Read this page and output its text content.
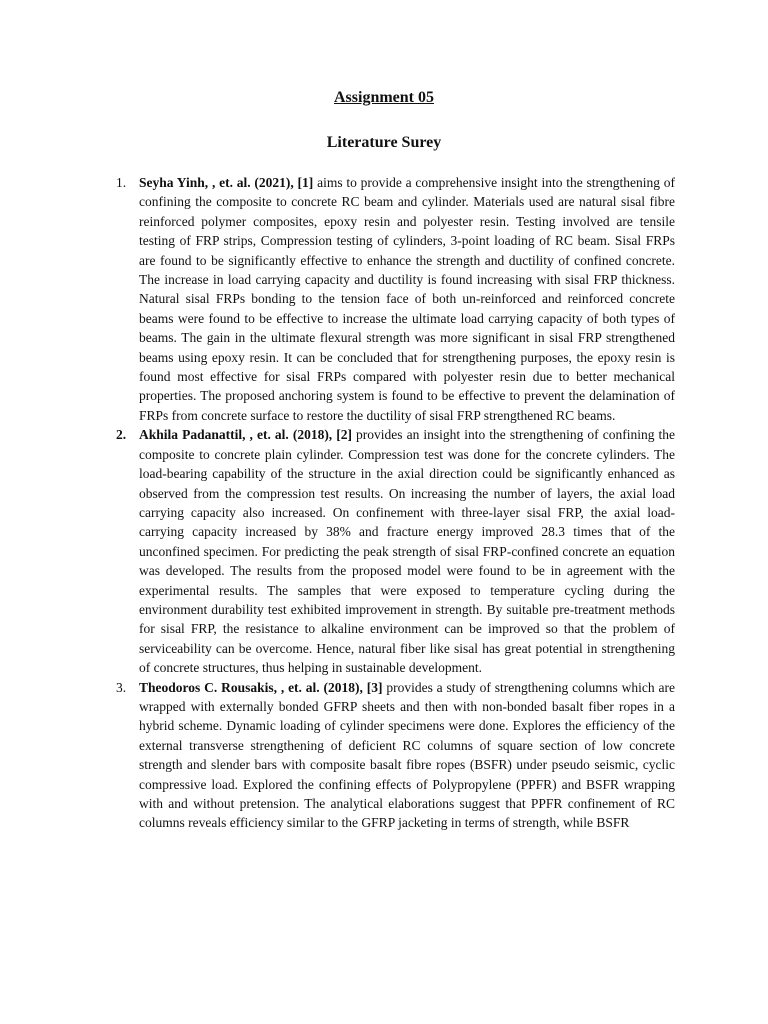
Assignment 05
Literature Surey
1. Seyha Yinh, , et. al. (2021), [1] aims to provide a comprehensive insight into the strengthening of confining the composite to concrete RC beam and cylinder. Materials used are natural sisal fibre reinforced polymer composites, epoxy resin and polyester resin. Testing involved are tensile testing of FRP strips, Compression testing of cylinders, 3-point loading of RC beam. Sisal FRPs are found to be significantly effective to enhance the strength and ductility of confined concrete. The increase in load carrying capacity and ductility is found increasing with sisal FRP thickness. Natural sisal FRPs bonding to the tension face of both un-reinforced and reinforced concrete beams were found to be effective to increase the ultimate load carrying capacity of both types of beams. The gain in the ultimate flexural strength was more significant in sisal FRP strengthened beams using epoxy resin. It can be concluded that for strengthening purposes, the epoxy resin is found most effective for sisal FRPs compared with polyester resin due to better mechanical properties. The proposed anchoring system is found to be effective to prevent the delamination of FRPs from concrete surface to restore the ductility of sisal FRP strengthened RC beams.
2. Akhila Padanattil, , et. al. (2018), [2] provides an insight into the strengthening of confining the composite to concrete plain cylinder. Compression test was done for the concrete cylinders. The load-bearing capability of the structure in the axial direction could be significantly enhanced as observed from the compression test results. On increasing the number of layers, the axial load carrying capacity also increased. On confinement with three-layer sisal FRP, the axial load-carrying capacity increased by 38% and fracture energy improved 28.3 times that of the unconfined specimen. For predicting the peak strength of sisal FRP-confined concrete an equation was developed. The results from the proposed model were found to be in agreement with the experimental results. The samples that were exposed to temperature cycling during the environment durability test exhibited improvement in strength. By suitable pre-treatment methods for sisal FRP, the resistance to alkaline environment can be improved so that the problem of serviceability can be overcome. Hence, natural fiber like sisal has great potential in strengthening of concrete structures, thus helping in sustainable development.
3. Theodoros C. Rousakis, , et. al. (2018), [3] provides a study of strengthening columns which are wrapped with externally bonded GFRP sheets and then with non-bonded basalt fiber ropes in a hybrid scheme. Dynamic loading of cylinder specimens were done. Explores the efficiency of the external transverse strengthening of deficient RC columns of square section of low concrete strength and slender bars with composite basalt fibre ropes (BSFR) under pseudo seismic, cyclic compressive load. Explored the confining effects of Polypropylene (PPFR) and BSFR wrapping with and without pretension. The analytical elaborations suggest that PPFR confinement of RC columns reveals efficiency similar to the GFRP jacketing in terms of strength, while BSFR
